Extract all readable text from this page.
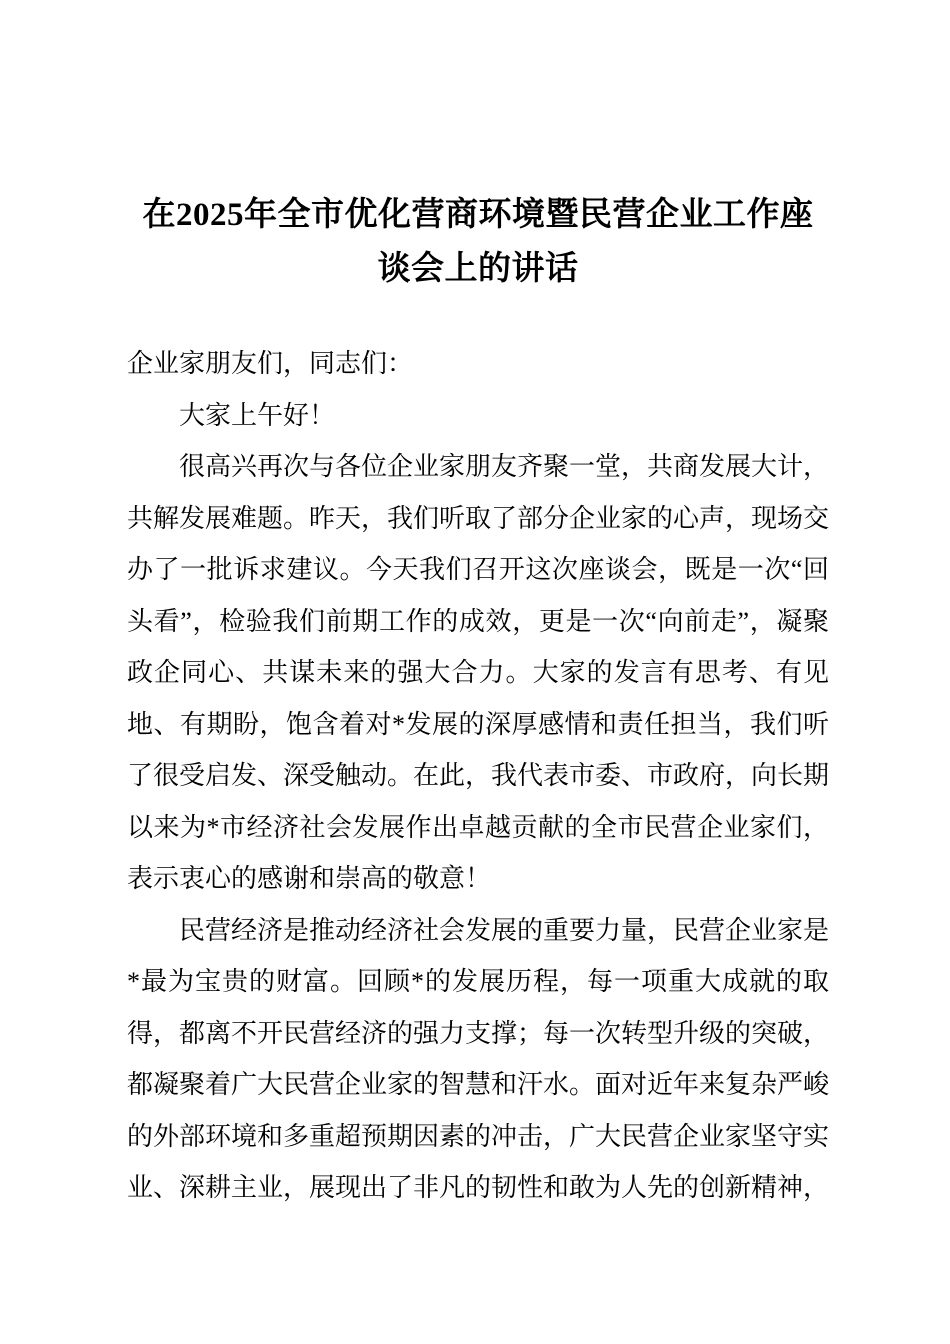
在2025年全市优化营商环境暨民营企业工作座谈会上的讲话

企业家朋友们，同志们：

大家上午好！

很高兴再次与各位企业家朋友齐聚一堂，共商发展大计，共解发展难题。昨天，我们听取了部分企业家的心声，现场交办了一批诉求建议。今天我们召开这次座谈会，既是一次“回头看”，检验我们前期工作的成效，更是一次“向前走”，凝聚政企同心、共谋未来的强大合力。大家的发言有思考、有见地、有期盼，饱含着对*发展的深厚感情和责任担当，我们听了很受启发、深受触动。在此，我代表市委、市政府，向长期以来为*市经济社会发展作出卓越贡献的全市民营企业家们，表示衷心的感谢和崇高的敬意！

民营经济是推动经济社会发展的重要力量，民营企业家是*最为宝贵的财富。回顾*的发展历程，每一项重大成就的取得，都离不开民营经济的强力支撑；每一次转型升级的突破，都凝聚着广大民营企业家的智慧和汗水。面对近年来复杂严峻的外部环境和多重超预期因素的冲击，广大民营企业家坚守实业、深耕主业，展现出了非凡的韧性和敢为人先的创新精神，
